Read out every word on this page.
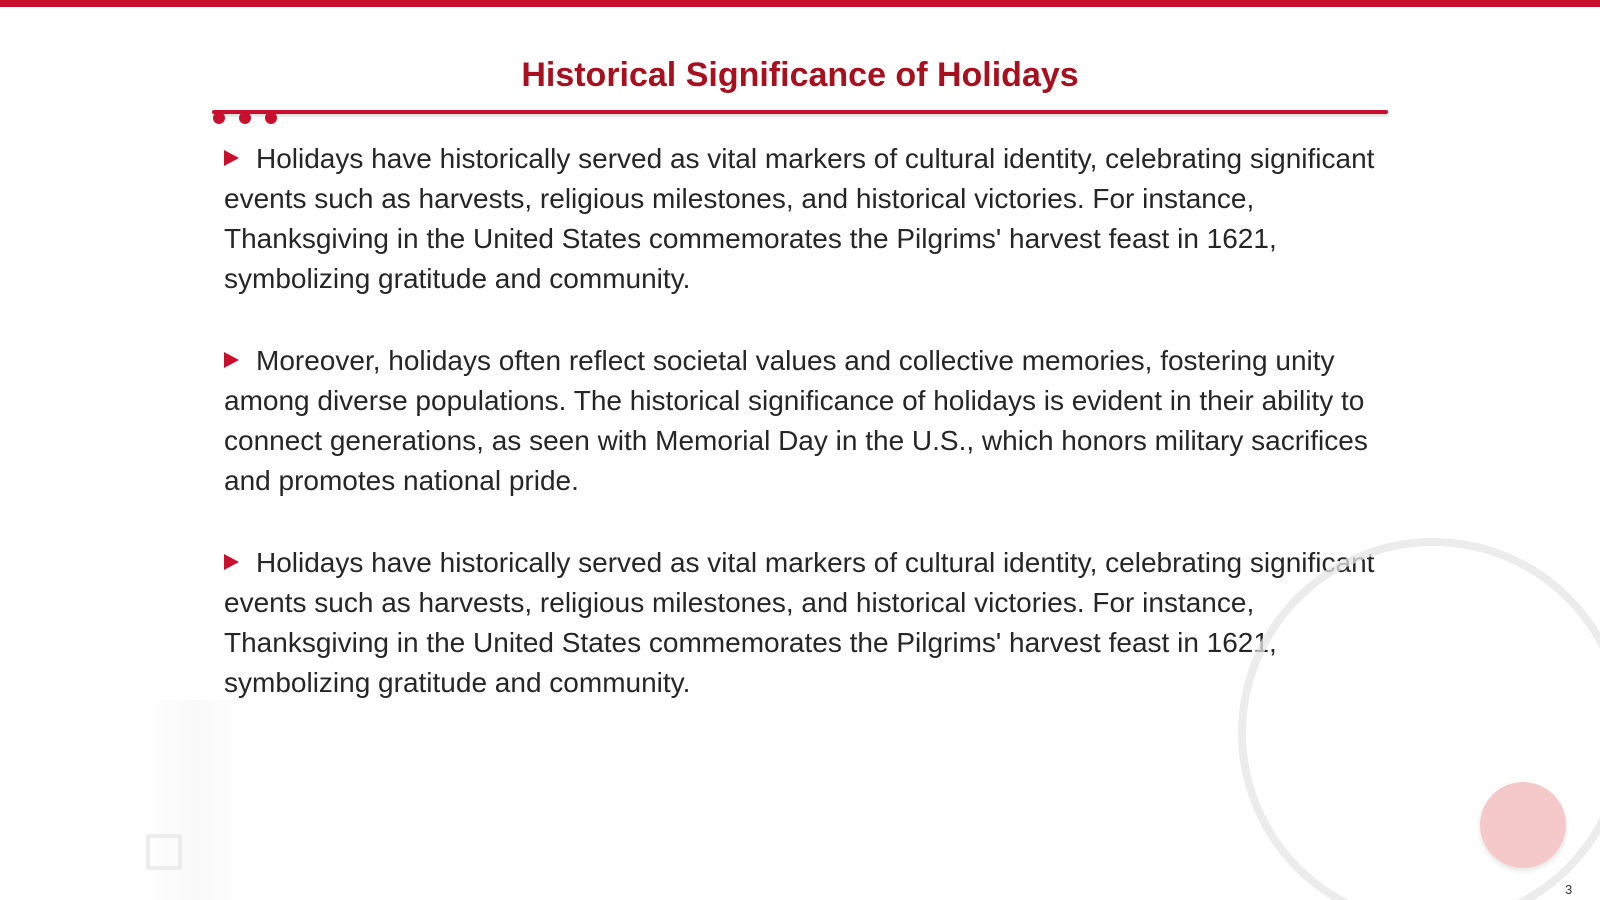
Historical Significance of Holidays

Holidays have historically served as vital markers of cultural identity, celebrating significant events such as harvests, religious milestones, and historical victories. For instance, Thanksgiving in the United States commemorates the Pilgrims' harvest feast in 1621, symbolizing gratitude and community.

Moreover, holidays often reflect societal values and collective memories, fostering unity among diverse populations. The historical significance of holidays is evident in their ability to connect generations, as seen with Memorial Day in the U.S., which honors military sacrifices and promotes national pride.

Holidays have historically served as vital markers of cultural identity, celebrating significant events such as harvests, religious milestones, and historical victories. For instance, Thanksgiving in the United States commemorates the Pilgrims' harvest feast in 1621, symbolizing gratitude and community.

3
